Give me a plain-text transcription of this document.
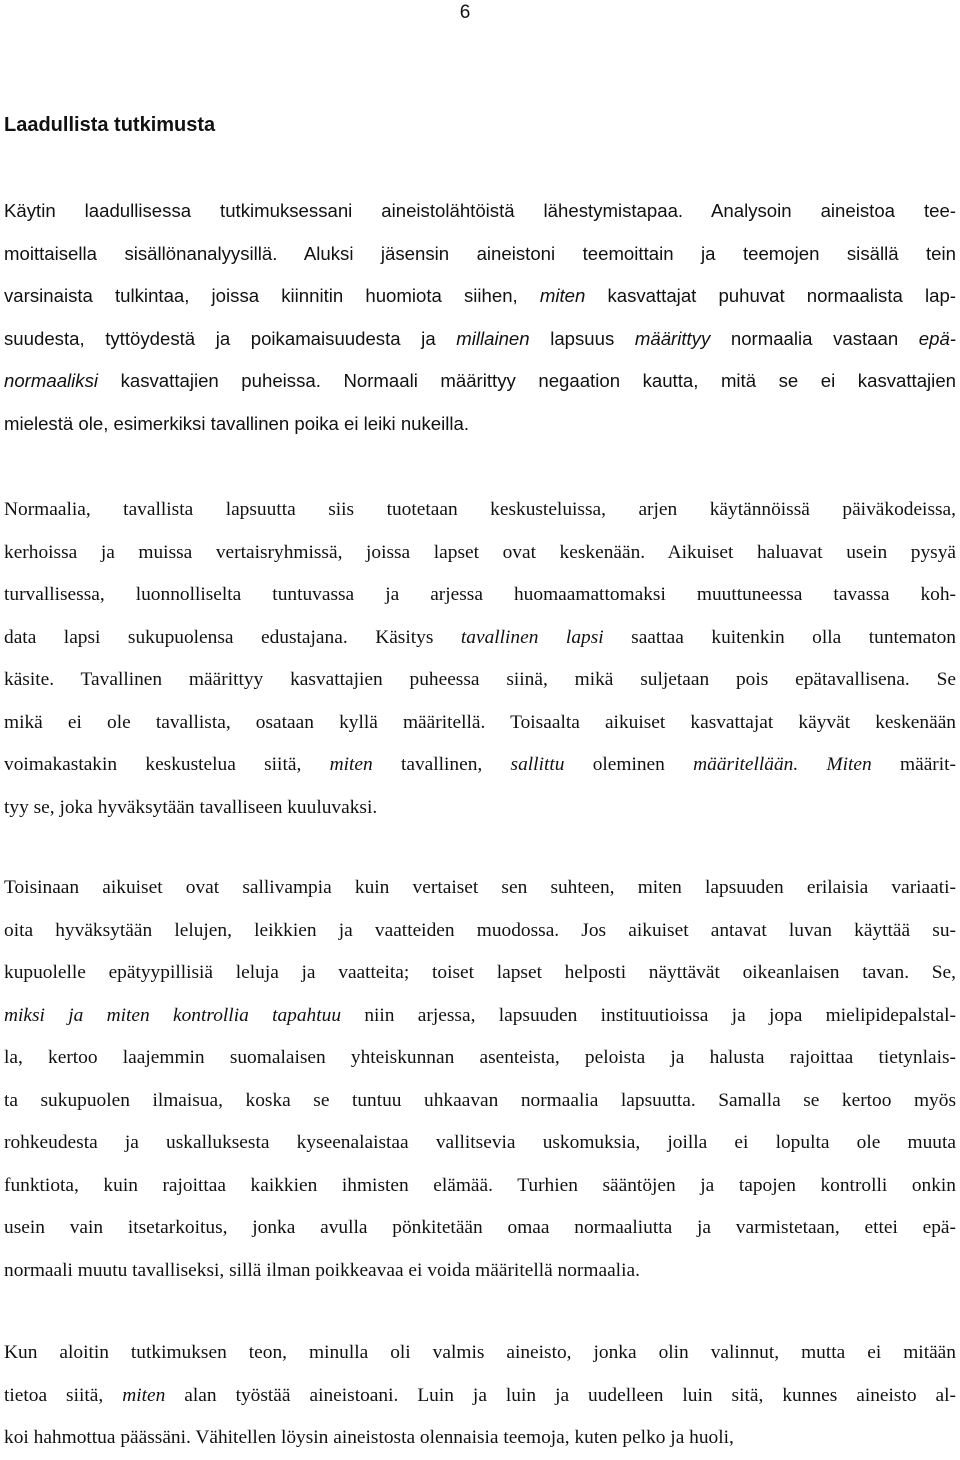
6
Laadullista tutkimusta
Käytin laadullisessa tutkimuksessani aineistolähtöistä lähestymistapaa. Analysoin aineistoa tee-
moittaisella sisällönanalyysillä. Aluksi jäsensin aineistoni teemoittain ja teemojen sisällä tein
varsinaista tulkintaa, joissa kiinnitin huomiota siihen, miten kasvattajat puhuvat normaalista lap-
suudesta, tyttöydestä ja poikamaisuudesta ja millainen lapsuus määrittyy normaalia vastaan epä-
normaaliksi kasvattajien puheissa. Normaali määrittyy negaation kautta, mitä se ei kasvattajien
mielestä ole, esimerkiksi tavallinen poika ei leiki nukeilla.
Normaalia, tavallista lapsuutta siis tuotetaan keskusteluissa, arjen käytännöissä päiväkodeissa,
kerhoissa ja muissa vertaisryhmissä, joissa lapset ovat keskenään. Aikuiset haluavat usein pysyä
turvallisessa, luonnolliselta tuntuvassa ja arjessa huomaamattomaksi muuttuneessa tavassa koh-
data lapsi sukupuolensa edustajana. Käsitys tavallinen lapsi saattaa kuitenkin olla tuntematon
käsite. Tavallinen määrittyy kasvattajien puheessa siinä, mikä suljetaan pois epätavallisena. Se
mikä ei ole tavallista, osataan kyllä määritellä. Toisaalta aikuiset kasvattajat käyvät keskenään
voimakastakin keskustelua siitä, miten tavallinen, sallittu oleminen määritellään. Miten määrit-
tyy se, joka hyväksytään tavalliseen kuuluvaksi.
Toisinaan aikuiset ovat sallivampia kuin vertaiset sen suhteen, miten lapsuuden erilaisia variaati-
oita hyväksytään lelujen, leikkien ja vaatteiden muodossa. Jos aikuiset antavat luvan käyttää su-
kupuolelle epätyypillisiä leluja ja vaatteita; toiset lapset helposti näyttävät oikeanlaisen tavan. Se,
miksi ja miten kontrollia tapahtuu niin arjessa, lapsuuden instituutioissa ja jopa mielipidepalstal-
la, kertoo laajemmin suomalaisen yhteiskunnan asenteista, peloista ja halusta rajoittaa tietynlais-
ta sukupuolen ilmaisua, koska se tuntuu uhkaavan normaalia lapsuutta. Samalla se kertoo myös
rohkeudesta ja uskalluksesta kyseenalaistaa vallitsevia uskomuksia, joilla ei lopulta ole muuta
funktiota, kuin rajoittaa kaikkien ihmisten elämää. Turhien sääntöjen ja tapojen kontrolli onkin
usein vain itsetarkoitus, jonka avulla pönkitetään omaa normaaliutta ja varmistetaan, ettei epä-
normaali muutu tavalliseksi, sillä ilman poikkeavaa ei voida määritellä normaalia.
Kun aloitin tutkimuksen teon, minulla oli valmis aineisto, jonka olin valinnut, mutta ei mitään
tietoa siitä, miten alan työstää aineistoani. Luin ja luin ja uudelleen luin sitä, kunnes aineisto al-
koi hahmottua päässäni. Vähitellen löysin aineistosta olennaisia teemoja, kuten pelko ja huoli,
